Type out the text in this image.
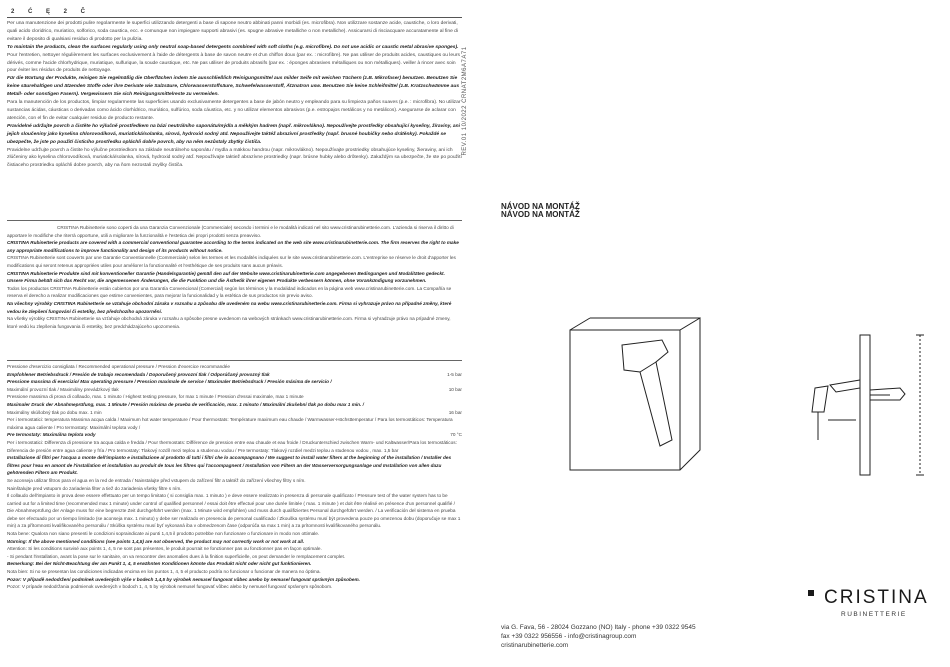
2 Ć Ę 2 Č

Per una manutenzione dei prodotti pulire regolarmente le superfici utilizzando detergenti a base di sapone neutro abbinati panni morbidi (es. microfibra). Non utilizzare sostanze acide, caustiche, o loro derivati, quali acido cloridrico, muriatico, solforico, soda caustica, ecc. e comunque non impiegare supporti abrasivi (es. spugne abrasive metalliche o non metalliche). Assicurarsi di risciacquare accuratamente al fine di evitare il deposito di qualsiasi residuo di prodotto per la pulizia.

To maintain the products, clean the surfaces regularly using only neutral soap-based detergents combined with soft cloths (e.g. microfibre). Do not use acidic or caustic metal abrasive sponges).

Pour l'entretien, nettoyer régulièrement les surfaces exclusivement à l'aide de détergents à base de savon neutre et d'un chiffon doux (par ex. : microfibre). Ne pas utiliser de produits acides, caustiques ou leurs dérivés, comme l'acide chlorhydrique, muriatique, sulfurique, la soude caustique, etc. Ne pas utiliser de produits abrasifs (par ex. : éponges abrasives métalliques ou non métalliques). veiller à rincer avec soin pour éviter les résidus de produits de nettoyage.

Für die Wartung der Produkte, reinigen Sie regelmäßig die Oberflächen indem Sie ausschließlich Reinigungsmittel aus milder Seife mit weichen Tüchern (z.B. Mikrofaser) benutzen. Benutzen Sie keine säurehaltigen und ätzenden Stoffe oder ihre Derivate wie Salzsäure, Chlorwasserstoffsäure, Schwefelwasserstoff, Ätznatron usw. Benutzen Sie keine Schleifmittel (z.B. Kratzschwämme aus Metall- oder sonstigen Fasern). Vergewissern Sie sich Reinigungsmittelreste zu vermeiden.

Para la manutención de los productos, limpiar regularmente las superficies usando exclusivamente detergentes a base de jabón neutro y empleando para su limpieza paños suaves (p.e. : microfibra). No utilizar sustancias ácidas, cáusticas o derivadas como ácido clorhídrico, muriático, sulfúrico, soda cáustica, etc. y no utilizar elementos abrasivos (p.e. estropajos metálicos y no metálicos). Asegurarse de aclarar con atención, con el fin de evitar cualquier residuo de producto restante.

Pravidelné udržujte povrch a čistěte ho výlučně prostředkem na bázi neutrálního saponátu/mýdla a měkkým hadrem (např. mikrovlákno). Nepoužívejte prostředky obsahující kyseliny, žíraviny, ani jejich sloučeniny jako kyselina chlorovodíková, muriatická/solanka, sírová, hydroxid sodný atd. Nepoužívejte taktéž abrazivní prostředky (např. brusné houbičky nebo drátěnky). Pokaždé se ubezpečte, že jste po použití čisticího prostředku opláchli dobře povrch, aby na něm nezůstaly zbytky čističa.

Pravidelne udržujte povrch a čistite ho výlučne prostriedkom na základe neutrálneho saponátu / mydla a mäkkou handrou (napr. mikrovlákno). Nepoužívajte prostriedky obsahujúce kyseliny, žieraviny, ani ich zlúčeniny ako kyselina chlorovodíková, muriatická/solanka, sírová, hydroxid sodný atď. Nepoužívajte taktiež abrazívne prostriedky (napr. brúsne hubky alebo drôtenky). Zakaždým sa ubezpečte, že ste po použití čistiaceho prostriedku opláchli dobre povrch, aby na ňom nezostali zvyšky čističa.

REV.01 10/2022 CRNAT2M6A7A71

CRISTINA Rubinetterie sono coperti da una Garanzia Convenzionale (Commerciale) secondo i termini e le modalità indicati nel sito www.cristinarubinetterie.com. L'azienda si riserva il diritto di apportare le modifiche che riterrà opportune, utili a migliorare la funzionalità e l'estetica dei propri prodotti senza preavviso.

CRISTINA Rubinetterie products are covered with a commercial conventional guarantee according to the terms indicated on the web site www.cristinarubinetterie.com. The firm reserves the right to make any appropriate modifications to improve functionality and design of its products without notice.

CRISTINA Rubinetterie sont couverts par une Garantie Conventionnelle (Commerciale) selon les termes et les modalités indiquées sur le site www.cristinarubinetterie.com. L'entreprise se réserve le droit d'apporter les modifications qui seront retenus appropriées utiles pour améliorer la fonctionnalité et l'esthétique de ses produits sans aucun préavis.

CRISTINA Rubinetterie Produkte sind mit konventioneller Garantie (Handelsgarantie) gemäß den auf der Website www.cristinarubinetterie.com angegebenen Bedingungen und Modalitäten gedeckt. Unsere Firma behält sich das Recht vor, die angemessenen Änderungen, die die Funktion und die Ästhetik ihrer eigenen Produkte verbessern können, ohne Vorankündigung vorzunehmen.

Todos los productos CRISTINA Rubinetterie están cubiertos por una Garantía Convencional (Comercial) según los términos y la modalidad indicados en la página web www.cristinarubinetterie.com. La Compañía se reserva el derecho a realizar modificaciones que estime convenientes, para mejorar la funcionalidad y la estética de sus productos sin previo aviso.

Na všechny výrobky CRISTINA Rubinetterie se vztahuje obchodní záruka v rozsahu a způsobu dle uvedeném na webu www.cristinarubinetterie.com. Firma si vyhrazuje právo na případné změny, které vedou ke zlepšení fungování či estetiky, bez předchozího upozornění.

Na všetky výrobky CRISTINA Rubinetterie sa vzťahuje obchodná záruka v rozsahu a spôsobe presne uvedenom na webových stránkach www.cristinarubinetterie.com. Firma si vyhradzuje právo na prípadné zmeny, ktoré vedú ku zlepšenia fungovania či estetiky, bez predchádzajúceho upozornenia.

Pressione d'esercizio consigliata / Recommended operational pressure / Pression d'exercice recommandée

Empfohlener Betriebsdruck / Presión de trabajo recomendada / Doporučený provozní tlak / Odporúčaný provozný tlak	1-5 bar

Pressione massima di esercizio/ Max operating pressure / Pression maximale de service / Maximaler Betriebsdruck / Presión máxima de servicio /

Maximální provozní tlak / Maximálny prevádzkový tlak	10 bar

Pressione massima di prova di collaudo, max. 1 minuto / Highest testing pressure, for max 1 minute / Pression d'essai maximale, max 1 minute

Maximaler Druck der Abnahmeprüfung, max. 1 Minute / Presión máxima de prueba de verificación, max. 1 minuto / Maximální zkušební tlak po dobu max 1 min. /

Maximálny skúšobný tlak po dobu max. 1 min	16 bar

Per i termostatici: temperatura Massima acqua calda / Maximum hot water temperature / Pour thermostats: Température maximum eau chaude / Warmwasser-Höchsttemperatur / Para los termostáticos: Temperatura máxima agua caliente / Pro termostaty: Maximální teplota vody /

Pre termostaty: Maximálna teplota vody	70 °C

Per i termostatici: Differenza di pressione tra acqua calda e fredda / Pour thermostats: Différence de pression entre eau chaude et eau froide / Druckunterschied zwischen Warm- und Kaltwasser/Para los termostáticos: Diferencia de presión entre agua caliente y fría / Pro termostaty: Tlakový rozdíl mezi teplou a studenou vodou / Pre termostaty: Tlakový rozdiel medzi teplou a studenou vodou , max. 1,5 bar

Installazione di filtri per l'acqua a monte dell'impianto e installazione al prodotto di tutti i filtri che lo accompagnano / We suggest to install water filters at the beginning of the installation / Installer des filtres pour l'eau en amont de l'installation et installation au produit de tous les filtres qui l'accompagnent / Installation von Filtern an der Wasserversorgungsanlage und Installation von allen dazu gehörenden Filtern am Produkt.

Se aconseja utilizar filtros para el agua en la red de entrada / Nainstalujte před vstupem do zařízení filtr a taktéž do zařízení všechny filtry s ním.

Nainštalujte pred vstupom do zariadenia filter a tiež do zariadenia všetky filtre s ním.

Il collaudo dell'impianto in prova deve essere effettuato per un tempo limitato ( si consiglia max. 1 minuto ) e deve essere realizzato in presenza di personale qualificato / Pressure test of the water system has to be carried out for a limited time (recommended max 1 minute) under control of qualified personnel / essai doit être effectué pour une durée limitée ( max. 1 minute ) et doit être réalisé en présence d'un personnel qualifié / Die Abnahmeprüfung der Anlage muss für eine begrenzte Zeit durchgeführt werden (max. 1 Minute wird empfohlen) und muss durch qualifiziertes Personal durchgeführt werden. / La verificación del sistema en prueba debe ser efectuado por un tiempo limitado (se aconseja max. 1 minuto) y debe ser realizado en presencia de personal cualificado / Zkouška systému musí být provedena pouze po omezenou dobu (doporučuje se max 1 min) a za přítomnosti kvalifikovaného personálu / Skúška systému musí byť vykonaná iba v obmedzenom čase (odporúča sa max 1 min) a za prítomnosti kvalifikovaného personálu.

Nota bene: Qualora non siano presenti le condizioni sopraindicate ai punti 1,4,5 il prodotto potrebbe non funzionare o funzionare in modo non ottimale.

Warning: If the above mentioned conditions (see points 1,4,5) are not observed, the product may not correctly work or not work at all.

Attention: Si les conditions susvisé aux points 1, 4, 5 ne sont pas présentes, le produit pourrait ne fonctionner pas ou fonctionner pas en façon optimale.

- Si pendant l'installation, avant la pose sur le sanitaire, on va rencontrer des anomalies dues à la finition superficielle, on peut demander le remplacement complet.

Bemerkung: Bei der Nicht-Beachtung der am Punkt 1, 4, 5 erwähnten Konditionen könnte das Produkt nicht oder nicht gut funktionieren.

Nota bien: Si no se presentan las condiciones indicadas encima en los puntos 1, 4, 5 el producto podría no funcionar o funcionar de manera no óptima.

Pozor: V případě nedodržení podmínek uvedených výše v bodech 1,4,5 by výrobek nemusel fungovat vůbec anebo by nemusel fungovat správným způsobem.

Pozor: V prípade nedodržania podmienok uvedených v bodoch 1, 4, 5 by výrobok nemusel fungovať vôbec alebo by nemusel fungovať správnym spôsobom.

NÁVOD NA MONTÁŽ
NÁVOD NA MONTÁŽ
CRISTINA
RUBINETTERIE
via G. Fava, 56 - 28024 Gozzano (NO) Italy - phone +39 0322 9545
fax +39 0322 956556 - info@cristinagroup.com
cristinarubinetterie.com
